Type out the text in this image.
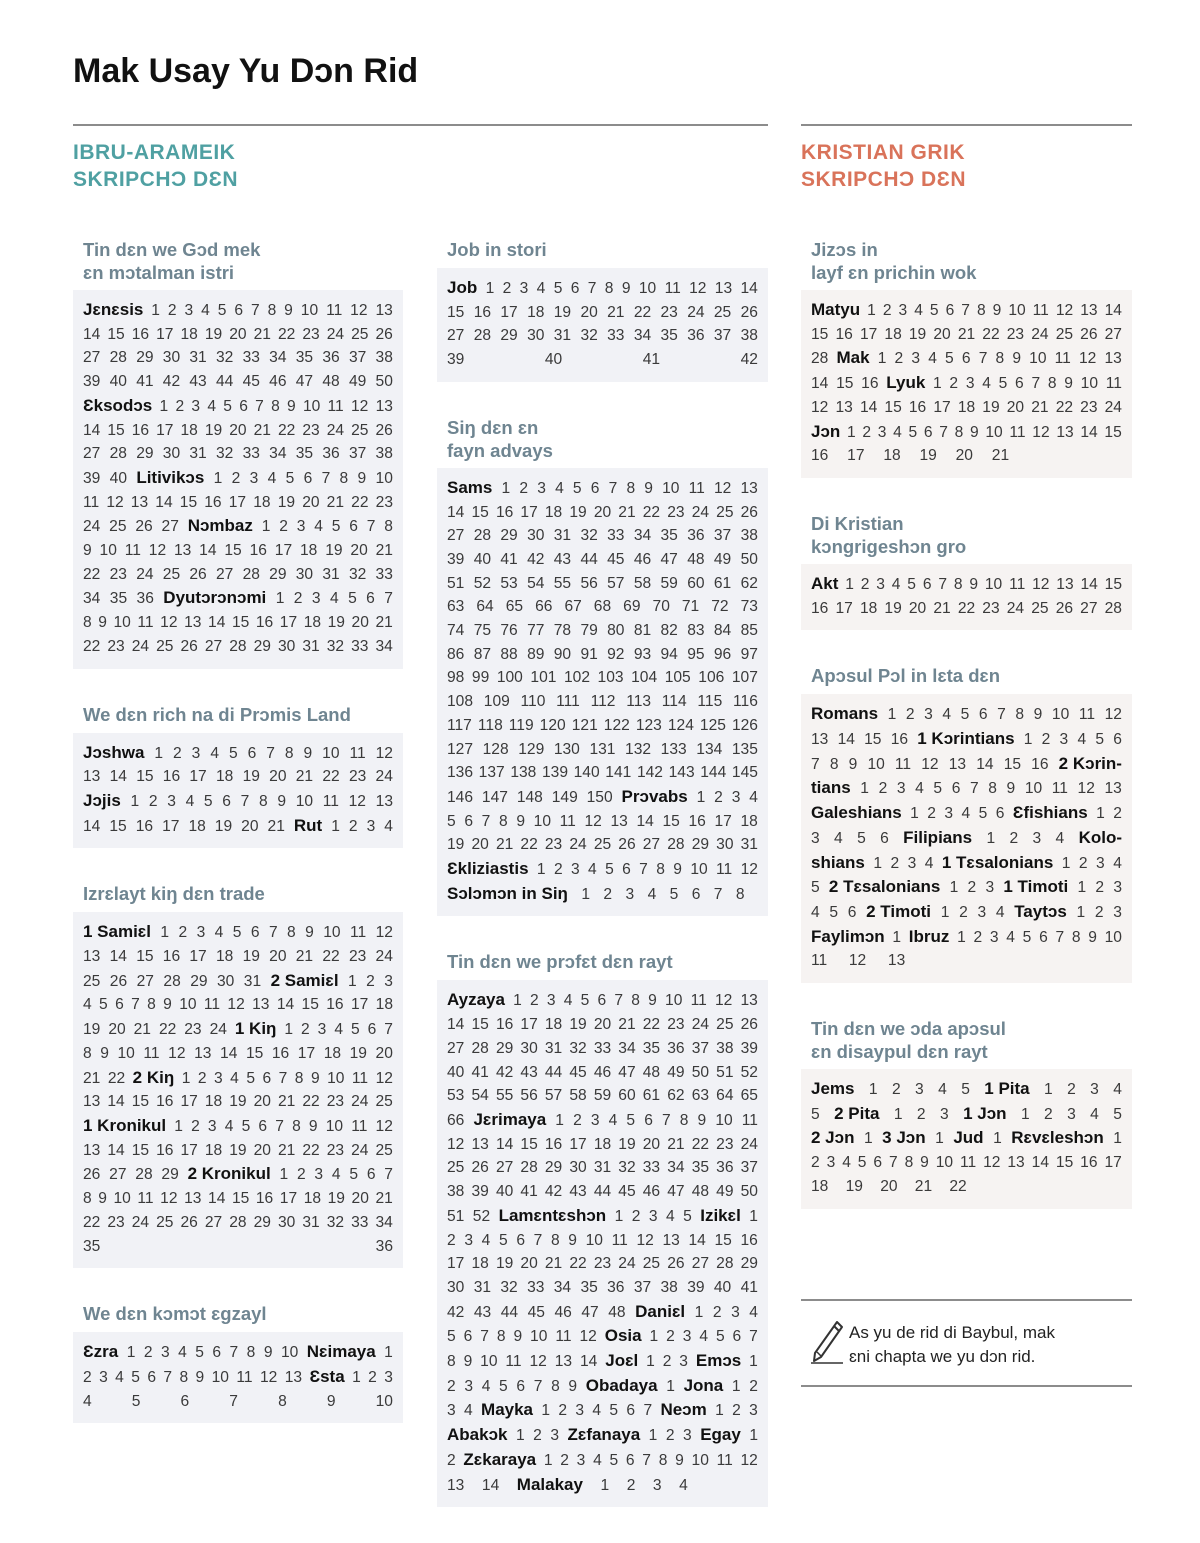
Mak Usay Yu Dɔn Rid
IBRU-ARAMEIK
SKRIPCHƆ DƐN
KRISTIAN GRIK
SKRIPCHƆ DƐN
Tin dɛn we Gɔd mek
ɛn mɔtalman istri
Jɛnɛsis 1 2 3 4 5 6 7 8 9 10 11 12 13
14 15 16 17 18 19 20 21 22 23 24 25 26
27 28 29 30 31 32 33 34 35 36 37 38
39 40 41 42 43 44 45 46 47 48 49 50
Ɛksodɔs 1 2 3 4 5 6 7 8 9 10 11 12 13
14 15 16 17 18 19 20 21 22 23 24 25 26
27 28 29 30 31 32 33 34 35 36 37 38
39 40 Litivikɔs 1 2 3 4 5 6 7 8 9 10
11 12 13 14 15 16 17 18 19 20 21 22 23
24 25 26 27 Nɔmbaz 1 2 3 4 5 6 7 8
9 10 11 12 13 14 15 16 17 18 19 20 21
22 23 24 25 26 27 28 29 30 31 32 33
34 35 36 Dyutɔrɔnɔmi 1 2 3 4 5 6 7
8 9 10 11 12 13 14 15 16 17 18 19 20 21
22 23 24 25 26 27 28 29 30 31 32 33 34
We dɛn rich na di Prɔmis Land
Jɔshwa 1 2 3 4 5 6 7 8 9 10 11 12
13 14 15 16 17 18 19 20 21 22 23 24
Jɔjis 1 2 3 4 5 6 7 8 9 10 11 12 13
14 15 16 17 18 19 20 21 Rut 1 2 3 4
Izrɛlayt kiŋ dɛn trade
1 Samiɛl 1 2 3 4 5 6 7 8 9 10 11 12
13 14 15 16 17 18 19 20 21 22 23 24
25 26 27 28 29 30 31 2 Samiɛl 1 2 3
4 5 6 7 8 9 10 11 12 13 14 15 16 17 18
19 20 21 22 23 24 1 Kiŋ 1 2 3 4 5 6 7
8 9 10 11 12 13 14 15 16 17 18 19 20
21 22 2 Kiŋ 1 2 3 4 5 6 7 8 9 10 11 12
13 14 15 16 17 18 19 20 21 22 23 24 25
1 Kronikul 1 2 3 4 5 6 7 8 9 10 11 12
13 14 15 16 17 18 19 20 21 22 23 24 25
26 27 28 29 2 Kronikul 1 2 3 4 5 6 7
8 9 10 11 12 13 14 15 16 17 18 19 20 21
22 23 24 25 26 27 28 29 30 31 32 33 34
35	36
We dɛn kɔmɔt ɛgzayl
Ɛzra 1 2 3 4 5 6 7 8 9 10 Nɛimaya 1
2 3 4 5 6 7 8 9 10 11 12 13 Ɛsta 1 2 3
4	5	6	7	8	9	10
Job in stori
Job 1 2 3 4 5 6 7 8 9 10 11 12 13 14
15 16 17 18 19 20 21 22 23 24 25 26
27 28 29 30 31 32 33 34 35 36 37 38
39	40	41	42
Siŋ dɛn ɛn
fayn advays
Sams 1 2 3 4 5 6 7 8 9 10 11 12 13
14 15 16 17 18 19 20 21 22 23 24 25 26
27 28 29 30 31 32 33 34 35 36 37 38
39 40 41 42 43 44 45 46 47 48 49 50
51 52 53 54 55 56 57 58 59 60 61 62
63 64 65 66 67 68 69 70 71 72 73
74 75 76 77 78 79 80 81 82 83 84 85
86 87 88 89 90 91 92 93 94 95 96 97
98 99 100 101 102 103 104 105 106 107
108 109 110 111 112 113 114 115 116
117 118 119 120 121 122 123 124 125 126
127 128 129 130 131 132 133 134 135
136 137 138 139 140 141 142 143 144 145
146 147 148 149 150 Prɔvabs 1 2 3 4
5 6 7 8 9 10 11 12 13 14 15 16 17 18
19 20 21 22 23 24 25 26 27 28 29 30 31
Ɛkliziastis 1 2 3 4 5 6 7 8 9 10 11 12
Sɔlɔmɔn in Siŋ 1 2 3 4 5 6 7 8
Tin dɛn we prɔfɛt dɛn rayt
Ayzaya 1 2 3 4 5 6 7 8 9 10 11 12 13
14 15 16 17 18 19 20 21 22 23 24 25 26
27 28 29 30 31 32 33 34 35 36 37 38 39
40 41 42 43 44 45 46 47 48 49 50 51 52
53 54 55 56 57 58 59 60 61 62 63 64 65
66 Jɛrimaya 1 2 3 4 5 6 7 8 9 10 11
12 13 14 15 16 17 18 19 20 21 22 23 24
25 26 27 28 29 30 31 32 33 34 35 36 37
38 39 40 41 42 43 44 45 46 47 48 49 50
51 52 Lamɛntɛshɔn 1 2 3 4 5 Izikɛl 1
2 3 4 5 6 7 8 9 10 11 12 13 14 15 16
17 18 19 20 21 22 23 24 25 26 27 28 29
30 31 32 33 34 35 36 37 38 39 40 41
42 43 44 45 46 47 48 Daniɛl 1 2 3 4
5 6 7 8 9 10 11 12 Osia 1 2 3 4 5 6 7
8 9 10 11 12 13 14 Joɛl 1 2 3 Emɔs 1
2 3 4 5 6 7 8 9 Obadaya 1 Jona 1 2
3 4 Mayka 1 2 3 4 5 6 7 Neɔm 1 2 3
Abakɔk 1 2 3 Zɛfanaya 1 2 3 Egay 1
2 Zɛkaraya 1 2 3 4 5 6 7 8 9 10 11 12
13 14 Malakay 1 2 3 4
Jizɔs in
layf ɛn prichin wok
Matyu 1 2 3 4 5 6 7 8 9 10 11 12 13 14
15 16 17 18 19 20 21 22 23 24 25 26 27
28 Mak 1 2 3 4 5 6 7 8 9 10 11 12 13
14 15 16 Lyuk 1 2 3 4 5 6 7 8 9 10 11
12 13 14 15 16 17 18 19 20 21 22 23 24
Jɔn 1 2 3 4 5 6 7 8 9 10 11 12 13 14 15
16 17 18 19 20 21
Di Kristian
kɔngrigeshɔn gro
Akt 1 2 3 4 5 6 7 8 9 10 11 12 13 14 15
16 17 18 19 20 21 22 23 24 25 26 27 28
Apɔsul Pɔl in lɛta dɛn
Romans 1 2 3 4 5 6 7 8 9 10 11 12
13 14 15 16 1 Kɔrintians 1 2 3 4 5 6
7 8 9 10 11 12 13 14 15 16 2 Kɔrin-
tians 1 2 3 4 5 6 7 8 9 10 11 12 13
Galeshians 1 2 3 4 5 6 Ɛfishians 1 2
3 4 5 6 Filipians 1 2 3 4 Kolo-
shians 1 2 3 4 1 Tɛsalonians 1 2 3 4
5 2 Tɛsalonians 1 2 3 1 Timoti 1 2 3
4 5 6 2 Timoti 1 2 3 4 Taytɔs 1 2 3
Faylimɔn 1 Ibruz 1 2 3 4 5 6 7 8 9 10
11 12 13
Tin dɛn we ɔda apɔsul
ɛn disaypul dɛn rayt
Jems 1 2 3 4 5 1 Pita 1 2 3 4
5 2 Pita 1 2 3 1 Jɔn 1 2 3 4 5
2 Jɔn 1 3 Jɔn 1 Jud 1 Rɛvɛleshɔn 1
2 3 4 5 6 7 8 9 10 11 12 13 14 15 16 17
18 19 20 21 22
As yu de rid di Baybul, mak
ɛni chapta we yu dɔn rid.
